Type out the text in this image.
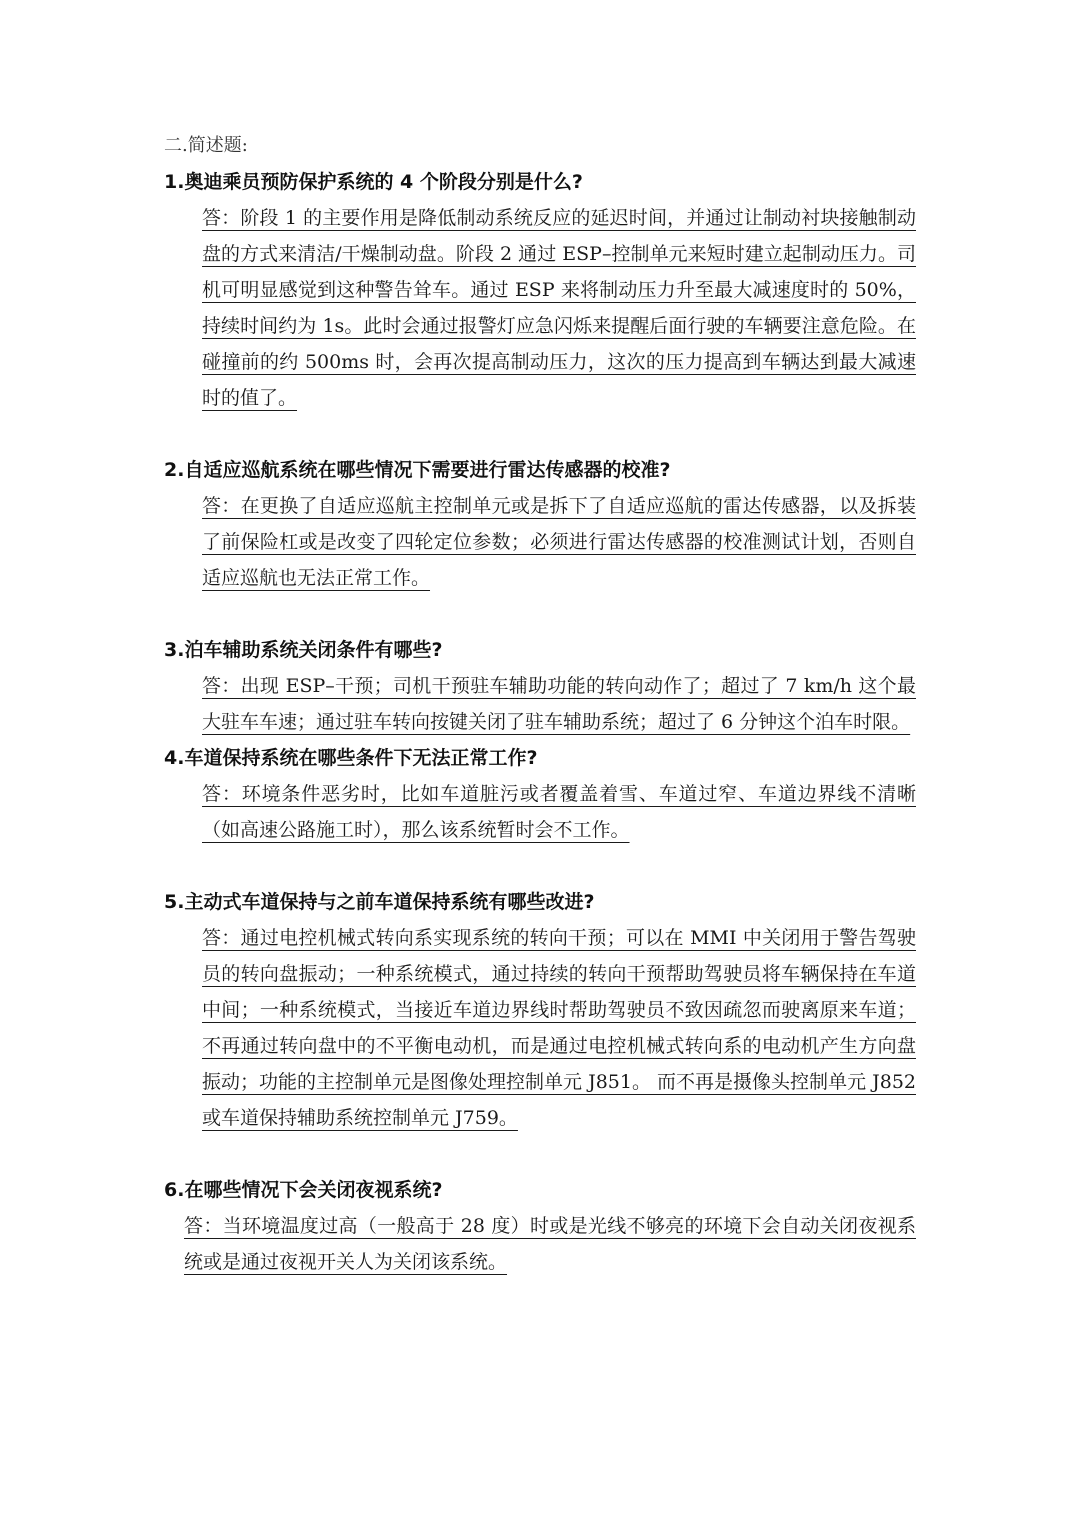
二.简述题:

1.奥迪乘员预防保护系统的 4 个阶段分别是什么?

答：阶段 1 的主要作用是降低制动系统反应的延迟时间，并通过让制动衬块接触制动盘的方式来清洁/干燥制动盘。阶段 2 通过 ESP–控制单元来短时建立起制动压力。司机可明显感觉到这种警告耸车。通过 ESP 来将制动压力升至最大减速度时的 50%，持续时间约为 1s。此时会通过报警灯应急闪烁来提醒后面行驶的车辆要注意危险。在碰撞前的约 500ms 时，会再次提高制动压力，这次的压力提高到车辆达到最大减速时的值了。

2.自适应巡航系统在哪些情况下需要进行雷达传感器的校准?

答：在更换了自适应巡航主控制单元或是拆下了自适应巡航的雷达传感器，以及拆装了前保险杠或是改变了四轮定位参数；必须进行雷达传感器的校准测试计划，否则自适应巡航也无法正常工作。

3.泊车辅助系统关闭条件有哪些?

答：出现 ESP–干预；司机干预驻车辅助功能的转向动作了；超过了 7 km/h 这个最大驻车车速；通过驻车转向按键关闭了驻车辅助系统；超过了 6 分钟这个泊车时限。

4.车道保持系统在哪些条件下无法正常工作?

答：环境条件恶劣时，比如车道脏污或者覆盖着雪、车道过窄、车道边界线不清晰（如高速公路施工时），那么该系统暂时会不工作。

5.主动式车道保持与之前车道保持系统有哪些改进?

答：通过电控机械式转向系实现系统的转向干预；可以在 MMI 中关闭用于警告驾驶员的转向盘振动；一种系统模式，通过持续的转向干预帮助驾驶员将车辆保持在车道中间；一种系统模式，当接近车道边界线时帮助驾驶员不致因疏忽而驶离原来车道；不再通过转向盘中的不平衡电动机，而是通过电控机械式转向系的电动机产生方向盘振动；功能的主控制单元是图像处理控制单元 J851。 而不再是摄像头控制单元 J852 或车道保持辅助系统控制单元 J759。

6.在哪些情况下会关闭夜视系统?

答：当环境温度过高（一般高于 28 度）时或是光线不够亮的环境下会自动关闭夜视系统或是通过夜视开关人为关闭该系统。
